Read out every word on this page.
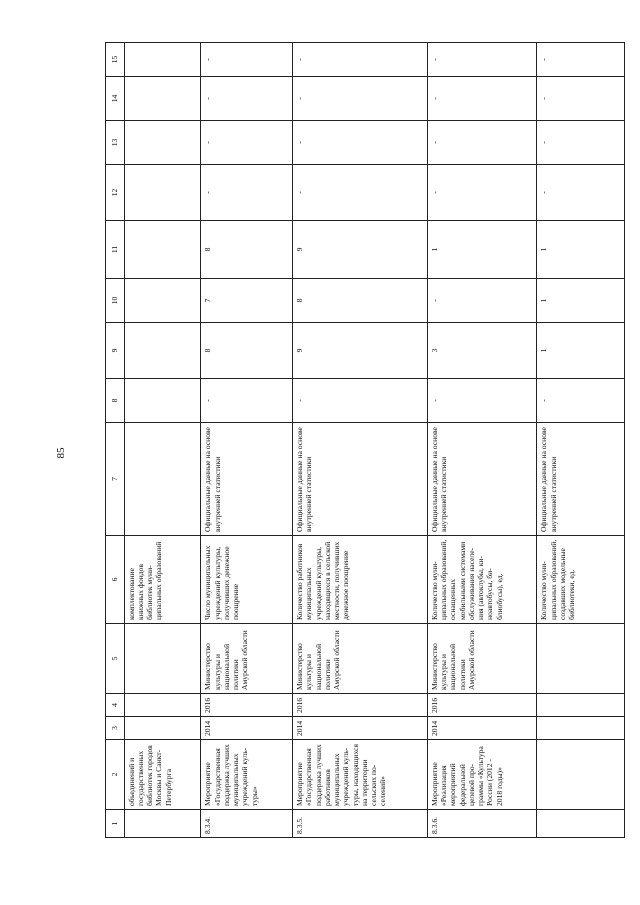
85
1	2	3	4	5	6	7	8	9	10	11	12	13	14	15
	объединений и государственных библиотек городов Москвы и Санкт-Петербурга				комплектование книжных фондов библиотек муниципальных образований									
8.3.4.	Мероприятие «Государственная поддержка лучших муниципальных учреждений культуры»	2014	2016	Министерство культуры и национальной политики Амурской области	Число муниципальных учреждений культуры, получивших денежное поощрение	Официальные данные на основе внутренней статистики	-	8	7	8	-	-	-	-
8.3.5.	Мероприятие «Государственная поддержка лучших работников муниципальных учреждений культуры, находящихся на территории сельских поселений»	2014	2016	Министерство культуры и национальной политики Амурской области	Количество работников муниципальных учреждений культуры, находящихся в сельской местности, получивших денежное поощрение	Официальные данные на основе внутренней статистики	-	9	8	9	-	-	-	-
8.3.6.	Мероприятие «Реализация мероприятий федеральной целевой программы «Культура России (2012 - 2018 годы)»	2014	2016	Министерство культуры и национальной политики Амурской области	Количество муниципальных образований, оснащенных мобильными системами обслуживания населения (автоклубы, киноавтобусы, библиобусы), ед.	Официальные данные на основе внутренней статистики	-	3	-	1	-	-	-	-
					Количество муниципальных образований, создавших модельные библиотеки, ед.	Официальные данные на основе внутренней статистики	-	1	1	1	-	-	-	-
